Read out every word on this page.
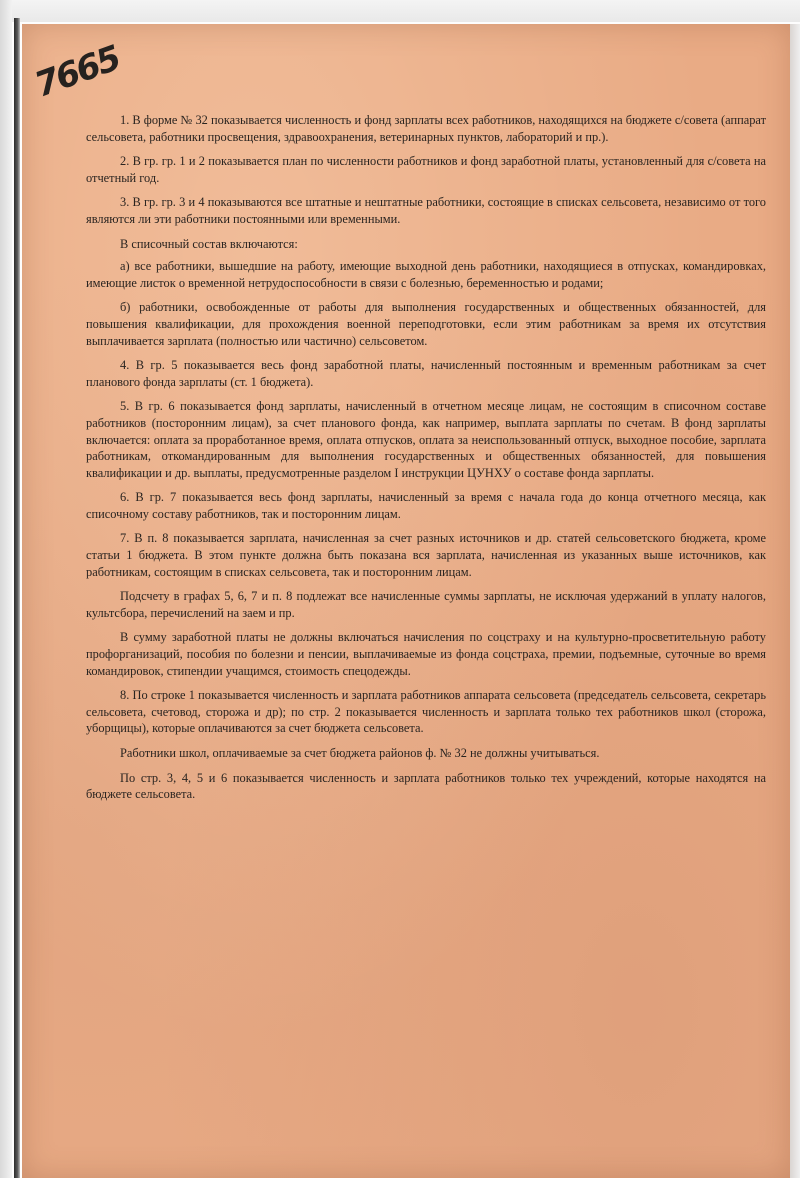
7665

1. В форме № 32 показывается численность и фонд зарплаты всех работников, находящихся на бюджете с/совета (аппарат сельсовета, работники просвещения, здравоохранения, ветеринарных пунктов, лабораторий и пр.).

2. В гр. гр. 1 и 2 показывается план по численности работников и фонд заработной платы, установленный для с/совета на отчетный год.

3. В гр. гр. 3 и 4 показываются все штатные и нештатные работники, состоящие в списках сельсовета, независимо от того являются ли эти работники постоянными или временными.

В списочный состав включаются:

а) все работники, вышедшие на работу, имеющие выходной день работники, находящиеся в отпусках, командировках, имеющие листок о временной нетрудоспособности в связи с болезнью, беременностью и родами;

б) работники, освобожденные от работы для выполнения государственных и общественных обязанностей, для повышения квалификации, для прохождения военной переподготовки, если этим работникам за время их отсутствия выплачивается зарплата (полностью или частично) сельсоветом.

4. В гр. 5 показывается весь фонд заработной платы, начисленный постоянным и временным работникам за счет планового фонда зарплаты (ст. 1 бюджета).

5. В гр. 6 показывается фонд зарплаты, начисленный в отчетном месяце лицам, не состоящим в списочном составе работников (посторонним лицам), за счет планового фонда, как например, выплата зарплаты по счетам. В фонд зарплаты включается: оплата за проработанное время, оплата отпусков, оплата за неиспользованный отпуск, выходное пособие, зарплата работникам, откомандированным для выполнения государственных и общественных обязанностей, для повышения квалификации и др. выплаты, предусмотренные разделом I инструкции ЦУНХУ о составе фонда зарплаты.

6. В гр. 7 показывается весь фонд зарплаты, начисленный за время с начала года до конца отчетного месяца, как списочному составу работников, так и посторонним лицам.

7. В п. 8 показывается зарплата, начисленная за счет разных источников и др. статей сельсоветского бюджета, кроме статьи 1 бюджета. В этом пункте должна быть показана вся зарплата, начисленная из указанных выше источников, как работникам, состоящим в списках сельсовета, так и посторонним лицам.

Подсчету в графах 5, 6, 7 и п. 8 подлежат все начисленные суммы зарплаты, не исключая удержаний в уплату налогов, культсбора, перечислений на заем и пр.

В сумму заработной платы не должны включаться начисления по соцстраху и на культурно-просветительную работу профорганизаций, пособия по болезни и пенсии, выплачиваемые из фонда соцстраха, премии, подъемные, суточные во время командировок, стипендии учащимся, стоимость спецодежды.

8. По строке 1 показывается численность и зарплата работников аппарата сельсовета (председатель сельсовета, секретарь сельсовета, счетовод, сторожа и др); по стр. 2 показывается численность и зарплата только тех работников школ (сторожа, уборщицы), которые оплачиваются за счет бюджета сельсовета.

Работники школ, оплачиваемые за счет бюджета районов ф. № 32 не должны учитываться.

По стр. 3, 4, 5 и 6 показывается численность и зарплата работников только тех учреждений, которые находятся на бюджете сельсовета.
